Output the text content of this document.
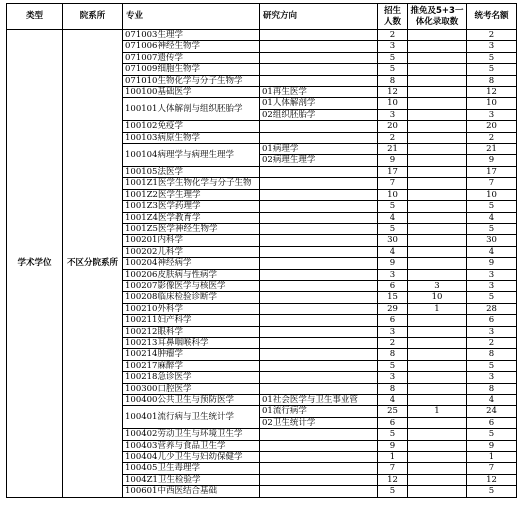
类型	院系所	专业	研究方向	招生人数	推免及5+3一体化录取数	统考名额
学术学位	不区分院系所	071003生理学		2		2
		071006神经生物学		3		3
		071007遗传学		5		5
		071009细胞生物学		5		5
		071010生物化学与分子生物学		8		8
		100100基础医学	01再生医学	12		12
		100101人体解剖与组织胚胎学	01人体解剖学	10		10
			02组织胚胎学	3		3
		100102免疫学		20		20
		100103病原生物学		2		2
		100104病理学与病理生理学	01病理学	21		21
			02病理生理学	9		9
		100105法医学		17		17
		1001Z1医学生物化学与分子生物		7		7
		1001Z2医学生理学		10		10
		1001Z3医学药理学		5		5
		1001Z4医学教育学		4		4
		1001Z5医学神经生物学		5		5
		100201内科学		30		30
		100202儿科学		4		4
		100204神经病学		9		9
		100206皮肤病与性病学		3		3
		100207影像医学与核医学		6	3	3
		100208临床检验诊断学		15	10	5
		100210外科学		29	1	28
		100211妇产科学		6		6
		100212眼科学		3		3
		100213耳鼻咽喉科学		2		2
		100214肿瘤学		8		8
		100217麻醉学		5		5
		100218急诊医学		3		3
		100300口腔医学		8		8
		100400公共卫生与预防医学	01社会医学与卫生事业管	4		4
		100401流行病与卫生统计学	01流行病学	25	1	24
			02卫生统计学	6		6
		100402劳动卫生与环境卫生学		5		5
		100403营养与食品卫生学		9		9
		100404儿少卫生与妇幼保健学		1		1
		100405卫生毒理学		7		7
		1004Z1卫生检验学		12		12
		100601中西医结合基础		5		5
